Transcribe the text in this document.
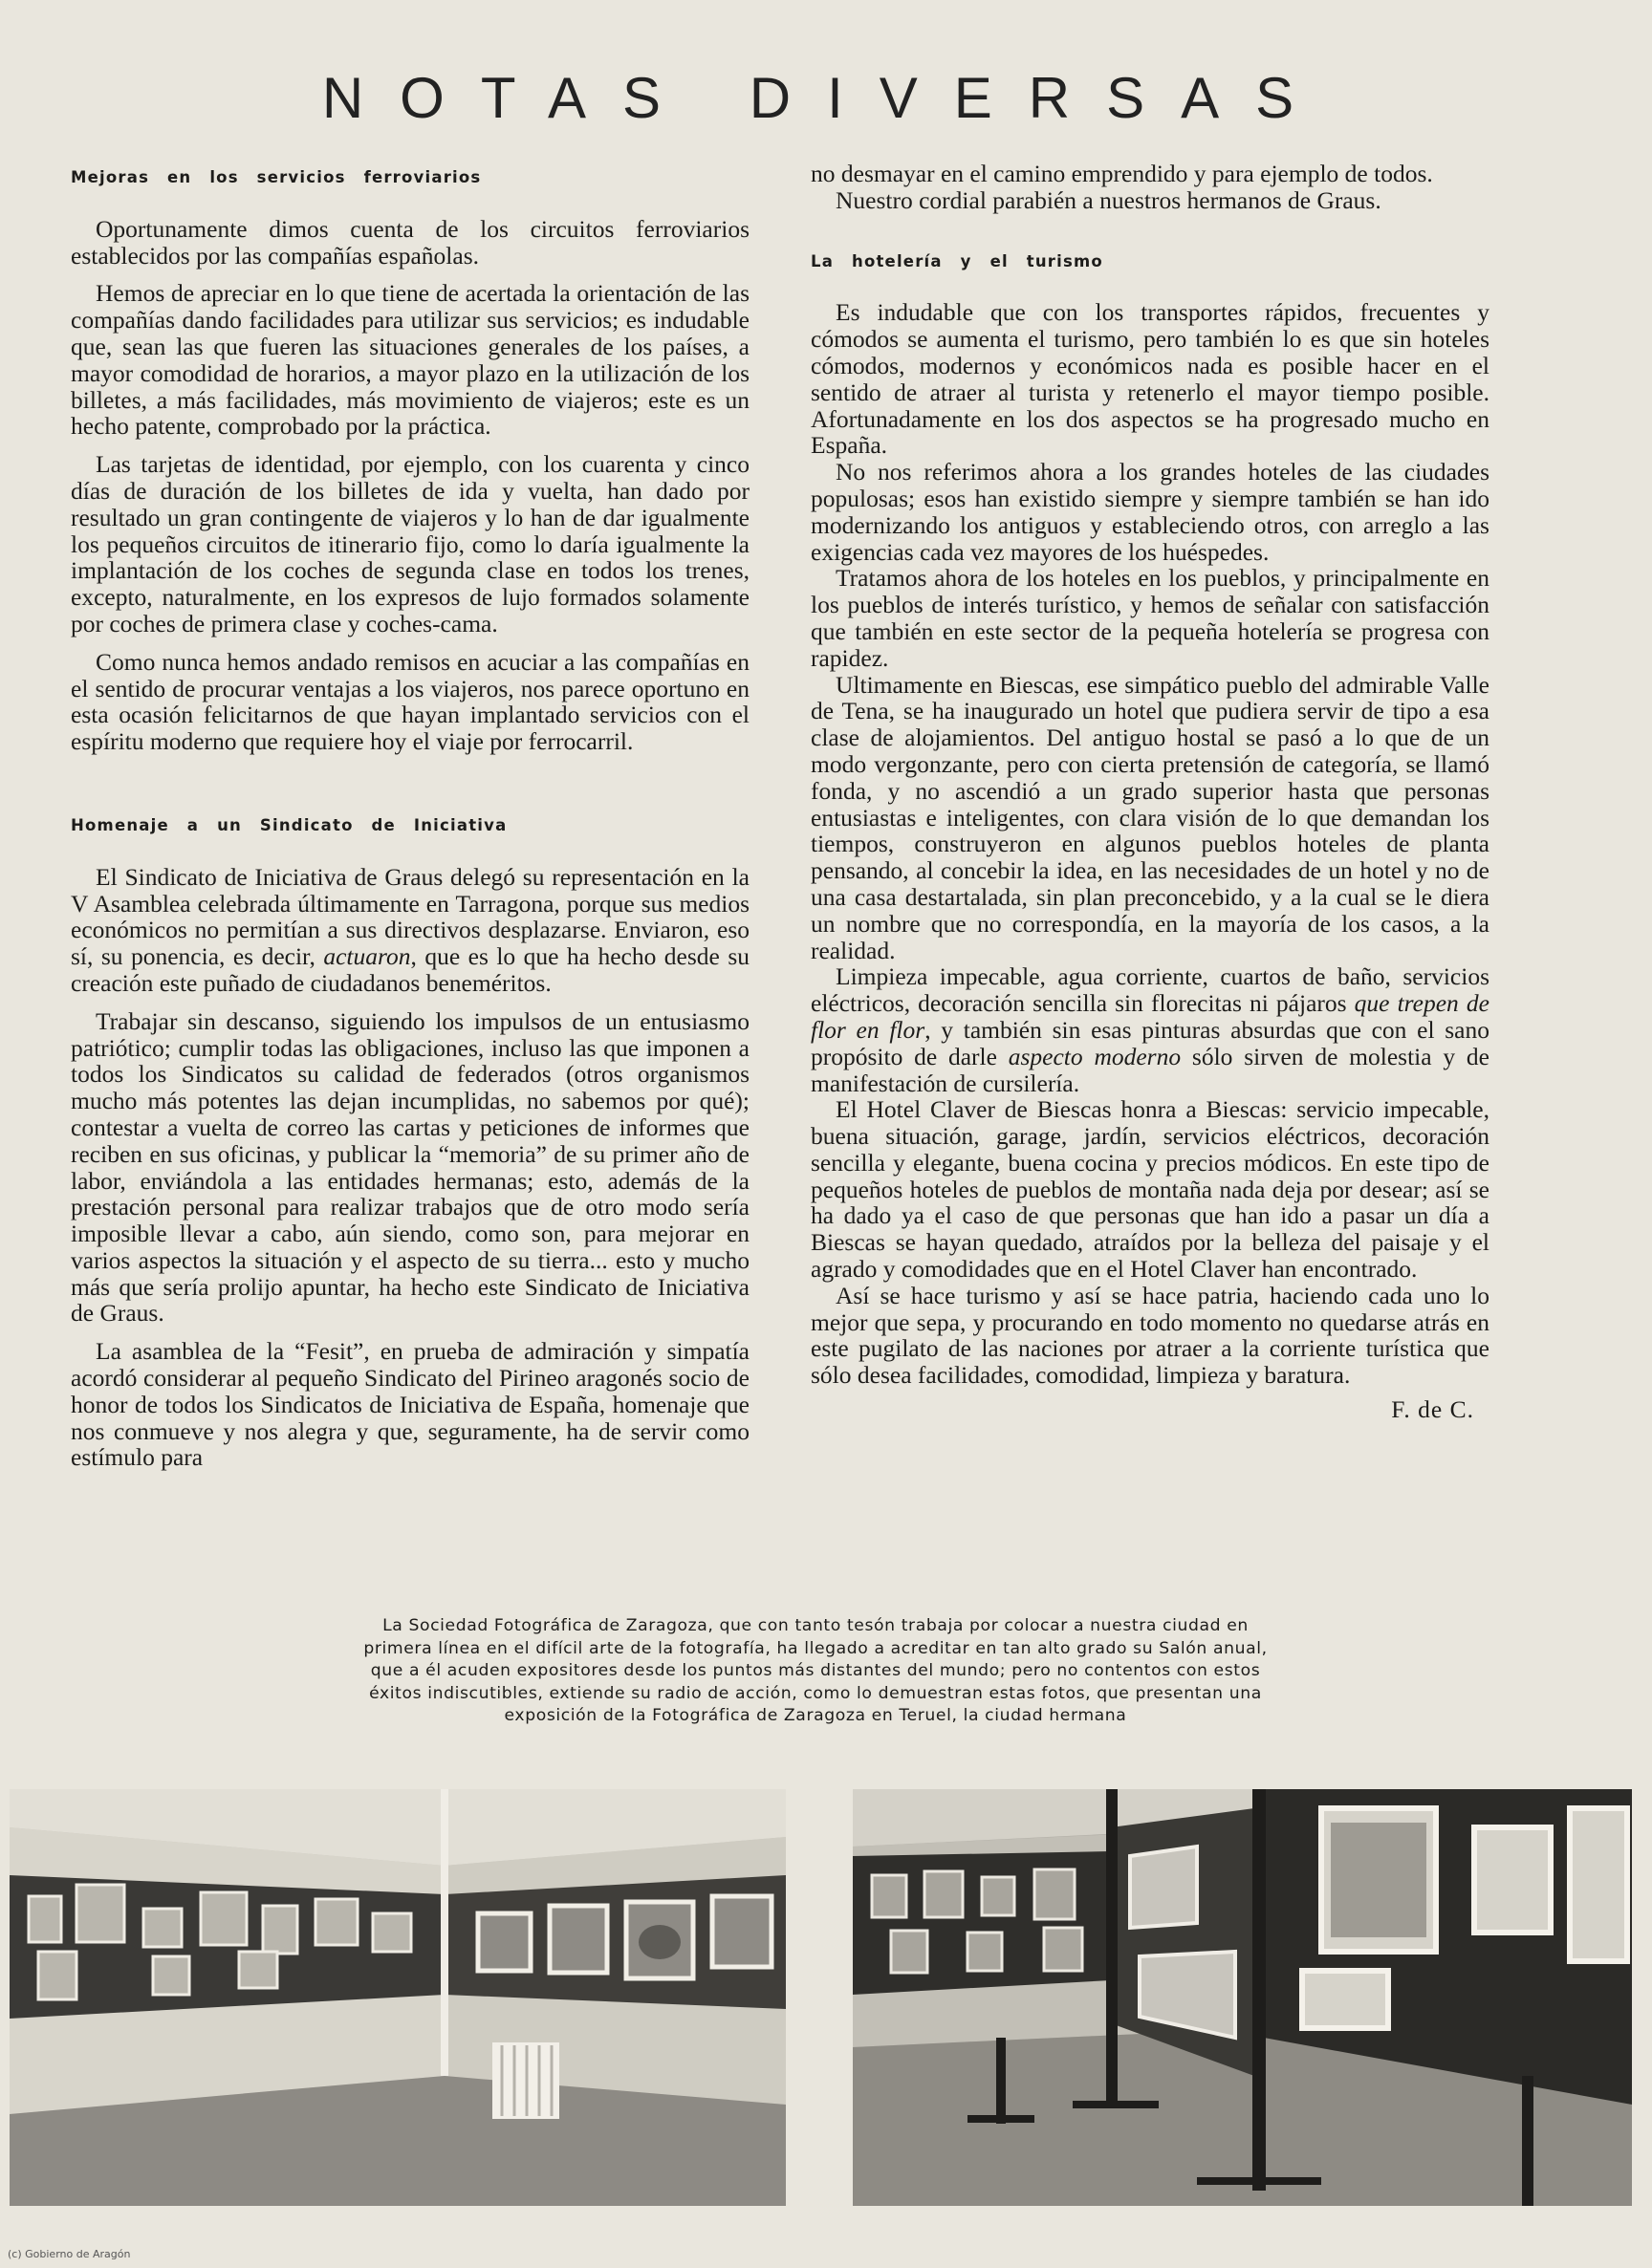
NOTAS DIVERSAS
Mejoras en los servicios ferroviarios

Oportunamente dimos cuenta de los circuitos ferroviarios establecidos por las compañías españolas.

Hemos de apreciar en lo que tiene de acertada la orientación de las compañías dando facilidades para utilizar sus servicios; es indudable que, sean las que fueren las situaciones generales de los países, a mayor comodidad de horarios, a mayor plazo en la utilización de los billetes, a más facilidades, más movimiento de viajeros; este es un hecho patente, comprobado por la práctica.

Las tarjetas de identidad, por ejemplo, con los cuarenta y cinco días de duración de los billetes de ida y vuelta, han dado por resultado un gran contingente de viajeros y lo han de dar igualmente los pequeños circuitos de itinerario fijo, como lo daría igualmente la implantación de los coches de segunda clase en todos los trenes, excepto, naturalmente, en los expresos de lujo formados solamente por coches de primera clase y coches-cama.

Como nunca hemos andado remisos en acuciar a las compañías en el sentido de procurar ventajas a los viajeros, nos parece oportuno en esta ocasión felicitarnos de que hayan implantado servicios con el espíritu moderno que requiere hoy el viaje por ferrocarril.

Homenaje a un Sindicato de Iniciativa

El Sindicato de Iniciativa de Graus delegó su representación en la V Asamblea celebrada últimamente en Tarragona, porque sus medios económicos no permitían a sus directivos desplazarse. Enviaron, eso sí, su ponencia, es decir, actuaron, que es lo que ha hecho desde su creación este puñado de ciudadanos beneméritos.

Trabajar sin descanso, siguiendo los impulsos de un entusiasmo patriótico; cumplir todas las obligaciones, incluso las que imponen a todos los Sindicatos su calidad de federados (otros organismos mucho más potentes las dejan incumplidas, no sabemos por qué); contestar a vuelta de correo las cartas y peticiones de informes que reciben en sus oficinas, y publicar la “memoria” de su primer año de labor, enviándola a las entidades hermanas; esto, además de la prestación personal para realizar trabajos que de otro modo sería imposible llevar a cabo, aún siendo, como son, para mejorar en varios aspectos la situación y el aspecto de su tierra... esto y mucho más que sería prolijo apuntar, ha hecho este Sindicato de Iniciativa de Graus.

La asamblea de la “Fesit”, en prueba de admiración y simpatía acordó considerar al pequeño Sindicato del Pirineo aragonés socio de honor de todos los Sindicatos de Iniciativa de España, homenaje que nos conmueve y nos alegra y que, seguramente, ha de servir como estímulo para

no desmayar en el camino emprendido y para ejemplo de todos.

Nuestro cordial parabién a nuestros hermanos de Graus.

La hotelería y el turismo

Es indudable que con los transportes rápidos, frecuentes y cómodos se aumenta el turismo, pero también lo es que sin hoteles cómodos, modernos y económicos nada es posible hacer en el sentido de atraer al turista y retenerlo el mayor tiempo posible. Afortunadamente en los dos aspectos se ha progresado mucho en España.

No nos referimos ahora a los grandes hoteles de las ciudades populosas; esos han existido siempre y siempre también se han ido modernizando los antiguos y estableciendo otros, con arreglo a las exigencias cada vez mayores de los huéspedes.

Tratamos ahora de los hoteles en los pueblos, y principalmente en los pueblos de interés turístico, y hemos de señalar con satisfacción que también en este sector de la pequeña hotelería se progresa con rapidez.

Ultimamente en Biescas, ese simpático pueblo del admirable Valle de Tena, se ha inaugurado un hotel que pudiera servir de tipo a esa clase de alojamientos. Del antiguo hostal se pasó a lo que de un modo vergonzante, pero con cierta pretensión de categoría, se llamó fonda, y no ascendió a un grado superior hasta que personas entusiastas e inteligentes, con clara visión de lo que demandan los tiempos, construyeron en algunos pueblos hoteles de planta pensando, al concebir la idea, en las necesidades de un hotel y no de una casa destartalada, sin plan preconcebido, y a la cual se le diera un nombre que no correspondía, en la mayoría de los casos, a la realidad.

Limpieza impecable, agua corriente, cuartos de baño, servicios eléctricos, decoración sencilla sin florecitas ni pájaros que trepen de flor en flor, y también sin esas pinturas absurdas que con el sano propósito de darle aspecto moderno sólo sirven de molestia y de manifestación de cursilería.

El Hotel Claver de Biescas honra a Biescas: servicio impecable, buena situación, garage, jardín, servicios eléctricos, decoración sencilla y elegante, buena cocina y precios módicos. En este tipo de pequeños hoteles de pueblos de montaña nada deja por desear; así se ha dado ya el caso de que personas que han ido a pasar un día a Biescas se hayan quedado, atraídos por la belleza del paisaje y el agrado y comodidades que en el Hotel Claver han encontrado.

Así se hace turismo y así se hace patria, haciendo cada uno lo mejor que sepa, y procurando en todo momento no quedarse atrás en este pugilato de las naciones por atraer a la corriente turística que sólo desea facilidades, comodidad, limpieza y baratura.

F. de C.
La Sociedad Fotográfica de Zaragoza, que con tanto tesón trabaja por colocar a nuestra ciudad en primera línea en el difícil arte de la fotografía, ha llegado a acreditar en tan alto grado su Salón anual, que a él acuden expositores desde los puntos más distantes del mundo; pero no contentos con estos éxitos indiscutibles, extiende su radio de acción, como lo demuestran estas fotos, que presentan una exposición de la Fotográfica de Zaragoza en Teruel, la ciudad hermana
(c) Gobierno de Aragón
